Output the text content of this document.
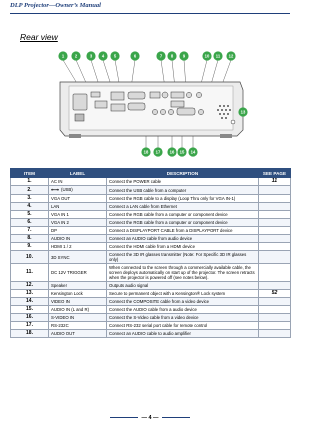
DLP Projector—Owner’s Manual
Rear view
1	2	3 4 5	6	7 8 9	10 11 12
13
18 17 16 15 14
ITEM	LABEL	DESCRIPTION	SEE PAGE
1.	AC IN	Connect the POWER cable	11
2.	⭠⭢ (USB)	Connect the USB cable from a computer	
3.	VGA OUT	Connect the RGB cable to a display (Loop Thru only for VGA IN-1)	
4.	LAN	Connect a LAN cable from Ethernet	
5.	VGA IN 1	Connect the RGB cable from a computer or component device	
6.	VGA IN 2	Connect the RGB cable from a computer or component device	
7.	DP	Connect a DISPLAYPORT CABLE from a DISPLAYPORT device	
8.	AUDIO IN	Connect an AUDIO cable from audio device	
9.	HDMI 1 / 2	Connect the HDMI cable from a HDMI device	
10.	3D SYNC	Connect the 3D IR glasses transmitter (Note: For Specific 3D IR glasses only)	
11.	DC 12V TRIGGER	When connected to the screen through a commercially available cable, the screen deploys automatically on start up of the projector. The screen retracts when the projector is powered off (see notes below).	
12.	Speaker	Outputs audio signal	
13.	Kensington Lock	Secure to permanent object with a Kensington® Lock system	52
14.	VIDEO IN	Connect the COMPOSITE cable from a video device	
15.	AUDIO IN (L and R)	Connect the AUDIO cable from a audio device	
16.	S-VIDEO IN	Connect the S-Video cable from a video device	
17.	RS-232C	Connect RS-232 serial port cable for remote control	
18.	AUDIO OUT	Connect an AUDIO cable to audio amplifier	
— 4 —
